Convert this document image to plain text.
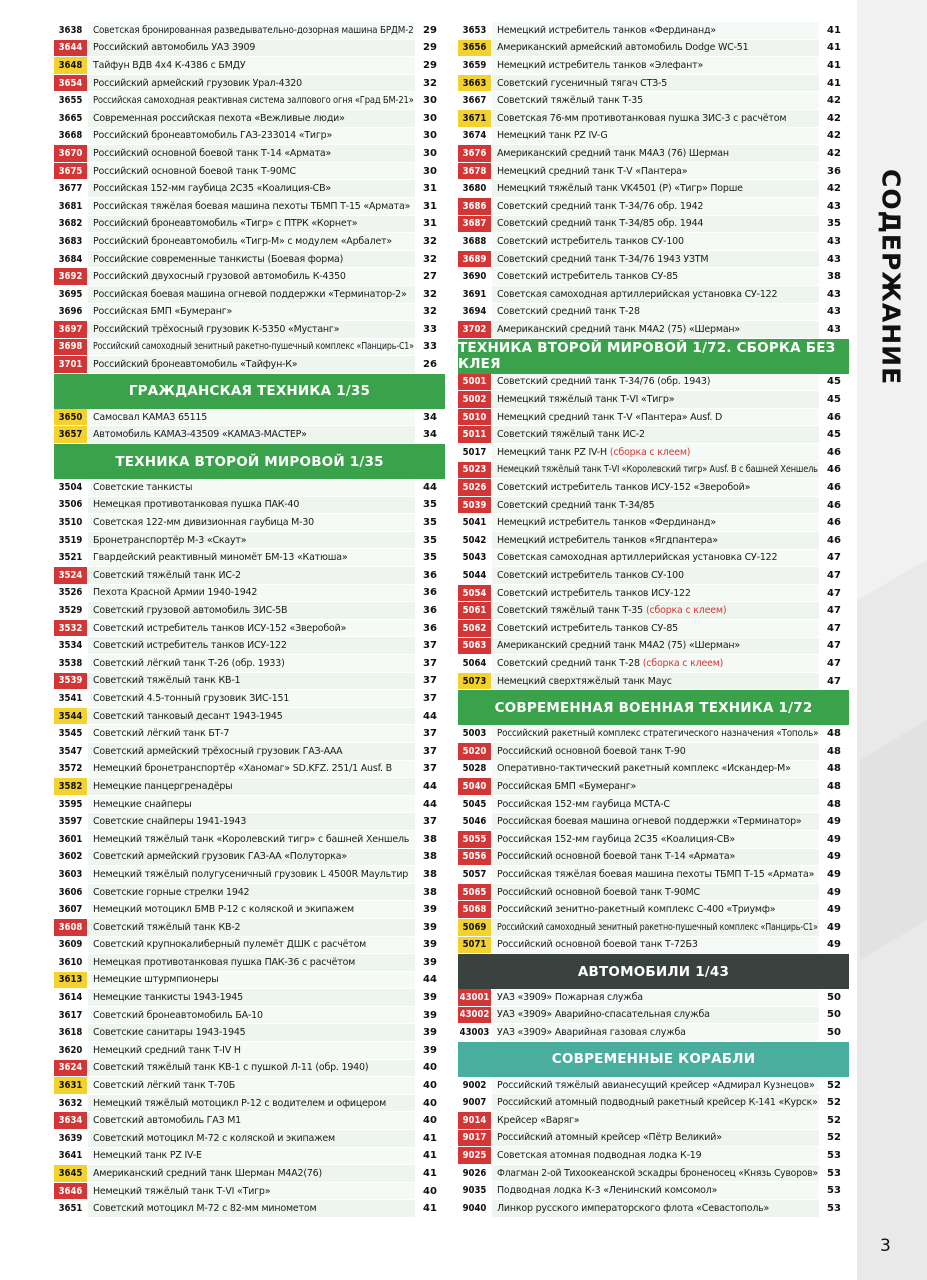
СОДЕРЖАНИЕ
3
3638	Советская бронированная разведывательно-дозорная машина БРДМ-2 29
3644	Российский автомобиль УАЗ 3909	29
3648	Тайфун ВДВ 4х4 К-4386 с БМДУ	29
3654	Российский армейский грузовик Урал-4320	32
3655	Российская самоходная реактивная система залпового огня «Град БМ-21» 30
3665	Современная российская пехота «Вежливые люди»	30
3668	Российский бронеавтомобиль ГАЗ-233014 «Тигр»	30
3670	Российский основной боевой танк Т-14 «Армата»	30
3675	Российский основной боевой танк Т-90МС	30
3677	Российская 152-мм гаубица 2С35 «Коалиция-СВ»	31
3681	Российская тяжёлая боевая машина пехоты ТБМП Т-15 «Армата»	31
3682	Российский бронеавтомобиль «Тигр» с ПТРК «Корнет»	31
3683	Российский бронеавтомобиль «Тигр-М» с модулем «Арбалет»	32
3684	Российские современные танкисты (Боевая форма)	32
3692	Российский двухосный грузовой автомобиль К-4350	27
3695	Российская боевая машина огневой поддержки «Терминатор-2»	32
3696	Российская БМП «Бумеранг»	32
3697	Российский трёхосный грузовик К-5350 «Мустанг»	33
3698	Российский самоходный зенитный ракетно-пушечный комплекс «Панцирь-С1» 33
3701	Российский бронеавтомобиль «Тайфун-К»	26
ГРАЖДАНСКАЯ ТЕХНИКА 1/35
3650	Самосвал КАМАЗ 65115	34
3657	Автомобиль КАМАЗ-43509 «КАМАЗ-МАСТЕР»	34
ТЕХНИКА ВТОРОЙ МИРОВОЙ 1/35
3504	Советские танкисты	44
3506	Немецкая противотанковая пушка ПАК-40	35
3510	Советская 122-мм дивизионная гаубица М-30	35
3519	Бронетранспортёр М-3 «Скаут»	35
3521	Гвардейский реактивный миномёт БМ-13 «Катюша»	35
3524	Советский тяжёлый танк ИС-2	36
3526	Пехота Красной Армии 1940-1942	36
3529	Советский грузовой автомобиль ЗИС-5В	36
3532	Советский истребитель танков ИСУ-152 «Зверобой»	36
3534	Советский истребитель танков ИСУ-122	37
3538	Советский лёгкий танк Т-26 (обр. 1933)	37
3539	Советский тяжёлый танк КВ-1	37
3541	Советский 4.5-тонный грузовик ЗИС-151	37
3544	Советский танковый десант 1943-1945	44
3545	Советский лёгкий танк БТ-7	37
3547	Советский армейский трёхосный грузовик ГАЗ-ААА	37
3572	Немецкий бронетранспортёр «Ханомаг» SD.KFZ. 251/1 Ausf. B	37
3582	Немецкие панцергренадёры	44
3595	Немецкие снайперы	44
3597	Советские снайперы 1941-1943	37
3601	Немецкий тяжёлый танк «Королевский тигр» с башней Хеншель	38
3602	Советский армейский грузовик ГАЗ-АА «Полуторка»	38
3603	Немецкий тяжёлый полугусеничный грузовик L 4500R Маультир	38
3606	Советские горные стрелки 1942	38
3607	Немецкий мотоцикл БМВ Р-12 с коляской и экипажем	39
3608	Советский тяжёлый танк КВ-2	39
3609	Советский крупнокалиберный пулемёт ДШК с расчётом	39
3610	Немецкая противотанковая пушка ПАК-36 с расчётом	39
3613	Немецкие штурмпионеры	44
3614	Немецкие танкисты 1943-1945	39
3617	Советский бронеавтомобиль БА-10	39
3618	Советские санитары 1943-1945	39
3620	Немецкий средний танк Т-IV H	39
3624	Советский тяжёлый танк КВ-1 с пушкой Л-11 (обр. 1940)	40
3631	Советский лёгкий танк Т-70Б	40
3632	Немецкий тяжёлый мотоцикл Р-12 с водителем и офицером	40
3634	Советский автомобиль ГАЗ М1	40
3639	Советский мотоцикл М-72 с коляской и экипажем	41
3641	Немецкий танк PZ IV-E	41
3645	Американский средний танк Шерман М4А2(76)	41
3646	Немецкий тяжёлый танк Т-VI «Тигр»	40
3651	Советский мотоцикл М-72 с 82-мм минометом	41
3653	Немецкий истребитель танков «Фердинанд»	41
3656	Американский армейский автомобиль Dodge WC-51	41
3659	Немецкий истребитель танков «Элефант»	41
3663	Советский гусеничный тягач СТЗ-5	41
3667	Советский тяжёлый танк Т-35	42
3671	Советская 76-мм противотанковая пушка ЗИС-3 с расчётом	42
3674	Немецкий танк PZ IV-G	42
3676	Американский средний танк М4А3 (76) Шерман	42
3678	Немецкий средний танк Т-V «Пантера»	36
3680	Немецкий тяжёлый танк VK4501 (P) «Тигр» Порше	42
3686	Советский средний танк Т-34/76 обр. 1942	43
3687	Советский средний танк Т-34/85 обр. 1944	35
3688	Советский истребитель танков СУ-100	43
3689	Советский средний танк Т-34/76 1943 УЗТМ	43
3690	Советский истребитель танков СУ-85	38
3691	Советская самоходная артиллерийская установка СУ-122	43
3694	Советский средний танк Т-28	43
3702	Американский средний танк М4А2 (75) «Шерман»	43
ТЕХНИКА ВТОРОЙ МИРОВОЙ 1/72. СБОРКА БЕЗ КЛЕЯ
5001	Советский средний танк Т-34/76 (обр. 1943)	45
5002	Немецкий тяжёлый танк Т-VI «Тигр»	45
5010	Немецкий средний танк Т-V «Пантера» Ausf. D	46
5011	Советский тяжёлый танк ИС-2	45
5017	Немецкий танк PZ IV-H (сборка с клеем)	46
5023	Немецкий тяжёлый танк Т-VI «Королевский тигр» Ausf. B с башней Хеншель 46
5026	Советский истребитель танков ИСУ-152 «Зверобой»	46
5039	Советский средний танк Т-34/85	46
5041	Немецкий истребитель танков «Фердинанд»	46
5042	Немецкий истребитель танков «Ягдпантера»	46
5043	Советская самоходная артиллерийская установка СУ-122	47
5044	Советский истребитель танков СУ-100	47
5054	Советский истребитель танков ИСУ-122	47
5061	Советский тяжёлый танк Т-35 (сборка с клеем)	47
5062	Советский истребитель танков СУ-85	47
5063	Американский средний танк М4А2 (75) «Шерман»	47
5064	Советский средний танк Т-28 (сборка с клеем)	47
5073	Немецкий сверхтяжёлый танк Маус	47
СОВРЕМЕННАЯ ВОЕННАЯ ТЕХНИКА 1/72
5003	Российский ракетный комплекс стратегического назначения «Тополь» 48
5020	Российский основной боевой танк Т-90	48
5028	Оперативно-тактический ракетный комплекс «Искандер-М»	48
5040	Российская БМП «Бумеранг»	48
5045	Российская 152-мм гаубица МСТА-С	48
5046	Российская боевая машина огневой поддержки «Терминатор»	49
5055	Российская 152-мм гаубица 2С35 «Коалиция-СВ»	49
5056	Российский основной боевой танк Т-14 «Армата»	49
5057	Российская тяжёлая боевая машина пехоты ТБМП Т-15 «Армата»	49
5065	Российский основной боевой танк Т-90МС	49
5068	Российский зенитно-ракетный комплекс С-400 «Триумф»	49
5069	Российский самоходный зенитный ракетно-пушечный комплекс «Панцирь-С1» 49
5071	Российский основной боевой танк Т-72Б3	49
АВТОМОБИЛИ 1/43
43001 УАЗ «3909» Пожарная служба	50
43002 УАЗ «3909» Аварийно-спасательная служба	50
43003 УАЗ «3909» Аварийная газовая служба	50
СОВРЕМЕННЫЕ КОРАБЛИ
9002	Российский тяжёлый авианесущий крейсер «Адмирал Кузнецов»	52
9007	Российский атомный подводный ракетный крейсер К-141 «Курск» 52
9014	Крейсер «Варяг»	52
9017	Российский атомный крейсер «Пётр Великий»	52
9025	Советская атомная подводная лодка К-19	53
9026	Флагман 2-ой Тихоокеанской эскадры броненосец «Князь Суворов» 53
9035	Подводная лодка К-3 «Ленинский комсомол»	53
9040	Линкор русского императорского флота «Севастополь»	53
